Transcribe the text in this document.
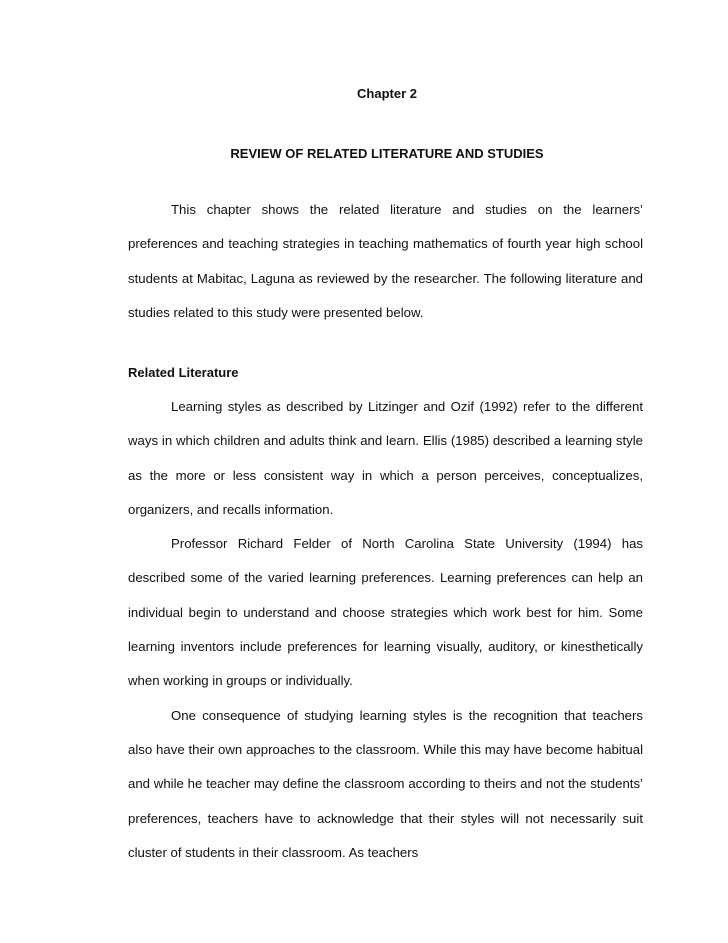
Chapter 2
REVIEW OF RELATED LITERATURE AND STUDIES

This chapter shows the related literature and studies on the learners’ preferences and teaching strategies in teaching mathematics of fourth year high school students at Mabitac, Laguna as reviewed by the researcher. The following literature and studies related to this study were presented below.

Related Literature

Learning styles as described by Litzinger and Ozif (1992) refer to the different ways in which children and adults think and learn. Ellis (1985) described a learning style as the more or less consistent way in which a person perceives, conceptualizes, organizers, and recalls information.

Professor Richard Felder of North Carolina State University (1994) has described some of the varied learning preferences. Learning preferences can help an individual begin to understand and choose strategies which work best for him. Some learning inventors include preferences for learning visually, auditory, or kinesthetically when working in groups or individually.

One consequence of studying learning styles is the recognition that teachers also have their own approaches to the classroom. While this may have become habitual and while he teacher may define the classroom according to theirs and not the students’ preferences, teachers have to acknowledge that their styles will not necessarily suit cluster of students in their classroom. As teachers
